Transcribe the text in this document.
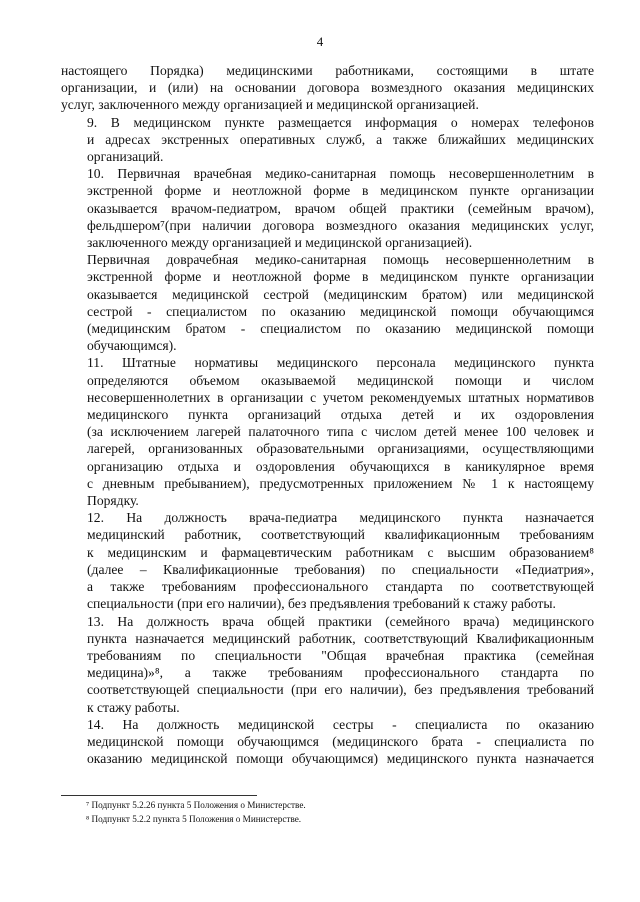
4

настоящего Порядка) медицинскими работниками, состоящими в штате
организации, и (или) на основании договора возмездного оказания медицинских
услуг, заключенного между организацией и медицинской организацией.

9. В медицинском пункте размещается информация о номерах телефонов
и адресах экстренных оперативных служб, а также ближайших медицинских
организаций.

10. Первичная врачебная медико-санитарная помощь несовершеннолетним в
экстренной форме и неотложной форме в медицинском пункте организации
оказывается врачом-педиатром, врачом общей практики (семейным врачом),
фельдшером⁷(при наличии договора возмездного оказания медицинских услуг,
заключенного между организацией и медицинской организацией).

Первичная доврачебная медико-санитарная помощь несовершеннолетним в
экстренной форме и неотложной форме в медицинском пункте организации
оказывается медицинской сестрой (медицинским братом) или медицинской
сестрой - специалистом по оказанию медицинской помощи обучающимся
(медицинским братом - специалистом по оказанию медицинской помощи
обучающимся).

11. Штатные нормативы медицинского персонала медицинского пункта
определяются объемом оказываемой медицинской помощи и числом
несовершеннолетних в организации с учетом рекомендуемых штатных нормативов
медицинского пункта организаций отдыха детей и их оздоровления
(за исключением лагерей палаточного типа с числом детей менее 100 человек и
лагерей, организованных образовательными организациями, осуществляющими
организацию отдыха и оздоровления обучающихся в каникулярное время
с дневным пребыванием), предусмотренных приложением № 1 к настоящему
Порядку.

12. На должность врача-педиатра медицинского пункта назначается
медицинский работник, соответствующий квалификационным требованиям
к медицинским и фармацевтическим работникам с высшим образованием⁸
(далее – Квалификационные требования) по специальности «Педиатрия»,
а также требованиям профессионального стандарта по соответствующей
специальности (при его наличии), без предъявления требований к стажу работы.

13. На должность врача общей практики (семейного врача) медицинского
пункта назначается медицинский работник, соответствующий Квалификационным
требованиям по специальности "Общая врачебная практика (семейная
медицина)»⁸, а также требованиям профессионального стандарта по
соответствующей специальности (при его наличии), без предъявления требований
к стажу работы.

14. На должность медицинской сестры - специалиста по оказанию
медицинской помощи обучающимся (медицинского брата - специалиста по
оказанию медицинской помощи обучающимся) медицинского пункта назначается

⁷ Подпункт 5.2.26 пункта 5 Положения о Министерстве.
⁸ Подпункт 5.2.2 пункта 5 Положения о Министерстве.
